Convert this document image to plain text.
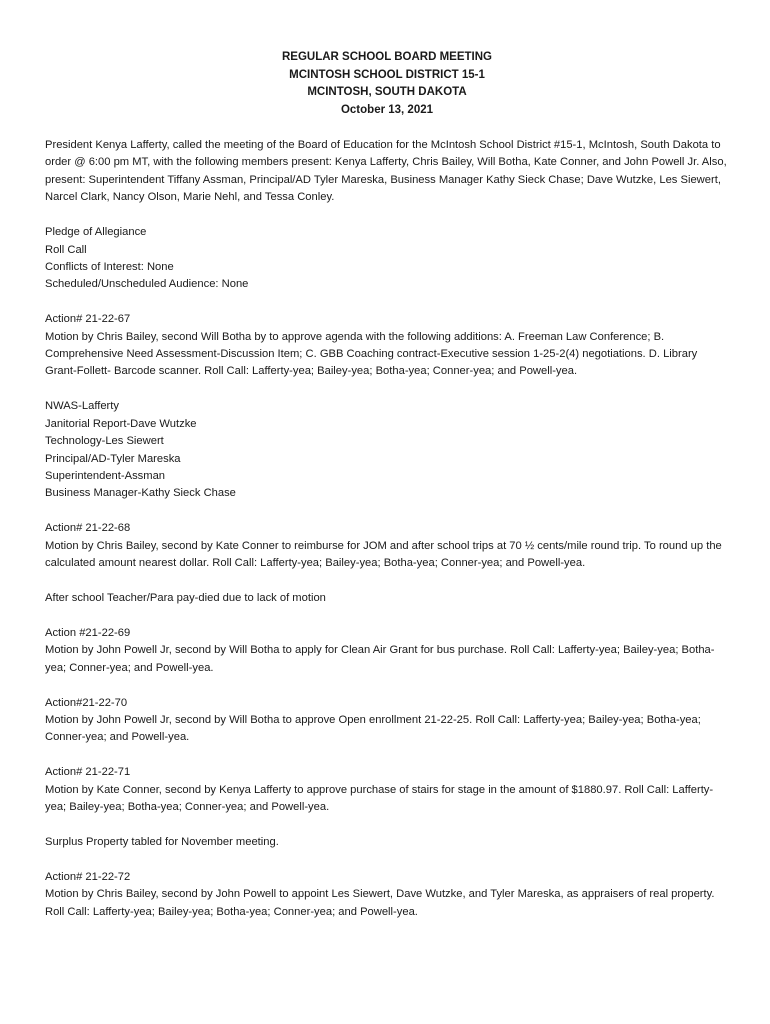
REGULAR SCHOOL BOARD MEETING
MCINTOSH SCHOOL DISTRICT 15-1
MCINTOSH, SOUTH DAKOTA
October 13, 2021

President Kenya Lafferty, called the meeting of the Board of Education for the McIntosh School District #15-1, McIntosh, South Dakota to order @ 6:00 pm MT, with the following members present: Kenya Lafferty, Chris Bailey, Will Botha, Kate Conner, and John Powell Jr. Also, present: Superintendent Tiffany Assman, Principal/AD Tyler Mareska, Business Manager Kathy Sieck Chase; Dave Wutzke, Les Siewert, Narcel Clark, Nancy Olson, Marie Nehl, and Tessa Conley.

Pledge of Allegiance
Roll Call
Conflicts of Interest: None
Scheduled/Unscheduled Audience: None
Action# 21-22-67
Motion by Chris Bailey, second Will Botha by to approve agenda with the following additions: A. Freeman Law Conference; B. Comprehensive Need Assessment-Discussion Item; C. GBB Coaching contract-Executive session 1-25-2(4) negotiations. D. Library Grant-Follett- Barcode scanner. Roll Call: Lafferty-yea; Bailey-yea; Botha-yea; Conner-yea; and Powell-yea.
NWAS-Lafferty
Janitorial Report-Dave Wutzke
Technology-Les Siewert
Principal/AD-Tyler Mareska
Superintendent-Assman
Business Manager-Kathy Sieck Chase
Action# 21-22-68
Motion by Chris Bailey, second by Kate Conner to reimburse for JOM and after school trips at 70 ½ cents/mile round trip. To round up the calculated amount nearest dollar. Roll Call: Lafferty-yea; Bailey-yea; Botha-yea; Conner-yea; and Powell-yea.

After school Teacher/Para pay-died due to lack of motion

Action #21-22-69
Motion by John Powell Jr, second by Will Botha to apply for Clean Air Grant for bus purchase. Roll Call: Lafferty-yea; Bailey-yea; Botha-yea; Conner-yea; and Powell-yea.
Action#21-22-70
Motion by John Powell Jr, second by Will Botha to approve Open enrollment 21-22-25. Roll Call: Lafferty-yea; Bailey-yea; Botha-yea; Conner-yea; and Powell-yea.
Action# 21-22-71
Motion by Kate Conner, second by Kenya Lafferty to approve purchase of stairs for stage in the amount of $1880.97. Roll Call: Lafferty-yea; Bailey-yea; Botha-yea; Conner-yea; and Powell-yea.

Surplus Property tabled for November meeting.

Action# 21-22-72
Motion by Chris Bailey, second by John Powell to appoint Les Siewert, Dave Wutzke, and Tyler Mareska, as appraisers of real property. Roll Call: Lafferty-yea; Bailey-yea; Botha-yea; Conner-yea; and Powell-yea.
